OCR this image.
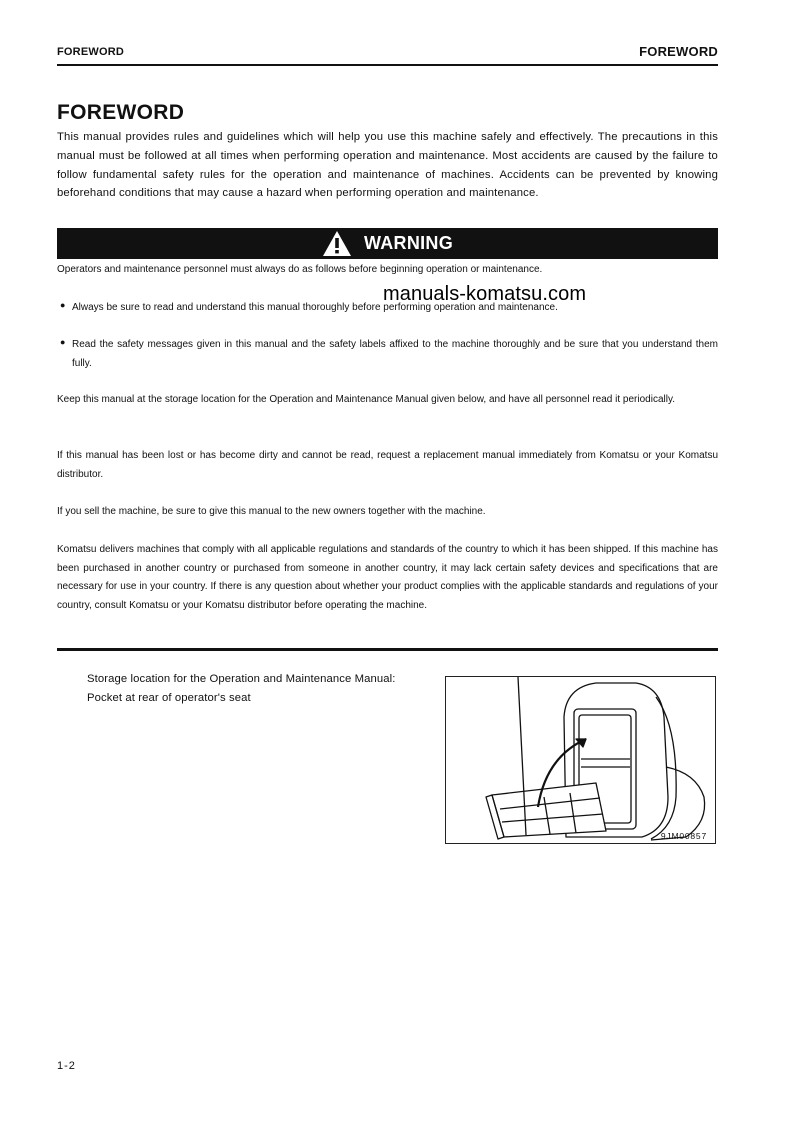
FOREWORD	FOREWORD
FOREWORD
This manual provides rules and guidelines which will help you use this machine safely and effectively. The precautions in this manual must be followed at all times when performing operation and maintenance. Most accidents are caused by the failure to follow fundamental safety rules for the operation and maintenance of machines. Accidents can be prevented by knowing beforehand conditions that may cause a hazard when performing operation and maintenance.
WARNING
Operators and maintenance personnel must always do as follows before beginning operation or maintenance.
● Always be sure to read and understand this manual thoroughly before performing operation and maintenance.
● Read the safety messages given in this manual and the safety labels affixed to the machine thoroughly and be sure that you understand them fully.
Keep this manual at the storage location for the Operation and Maintenance Manual given below, and have all personnel read it periodically.
If this manual has been lost or has become dirty and cannot be read, request a replacement manual immediately from Komatsu or your Komatsu distributor.
If you sell the machine, be sure to give this manual to the new owners together with the machine.
Komatsu delivers machines that comply with all applicable regulations and standards of the country to which it has been shipped. If this machine has been purchased in another country or purchased from someone in another country, it may lack certain safety devices and specifications that are necessary for use in your country. If there is any question about whether your product complies with the applicable standards and regulations of your country, consult Komatsu or your Komatsu distributor before operating the machine.
manuals-komatsu.com
Storage location for the Operation and Maintenance Manual:
Pocket at rear of operator's seat
9JM00857
1-2
